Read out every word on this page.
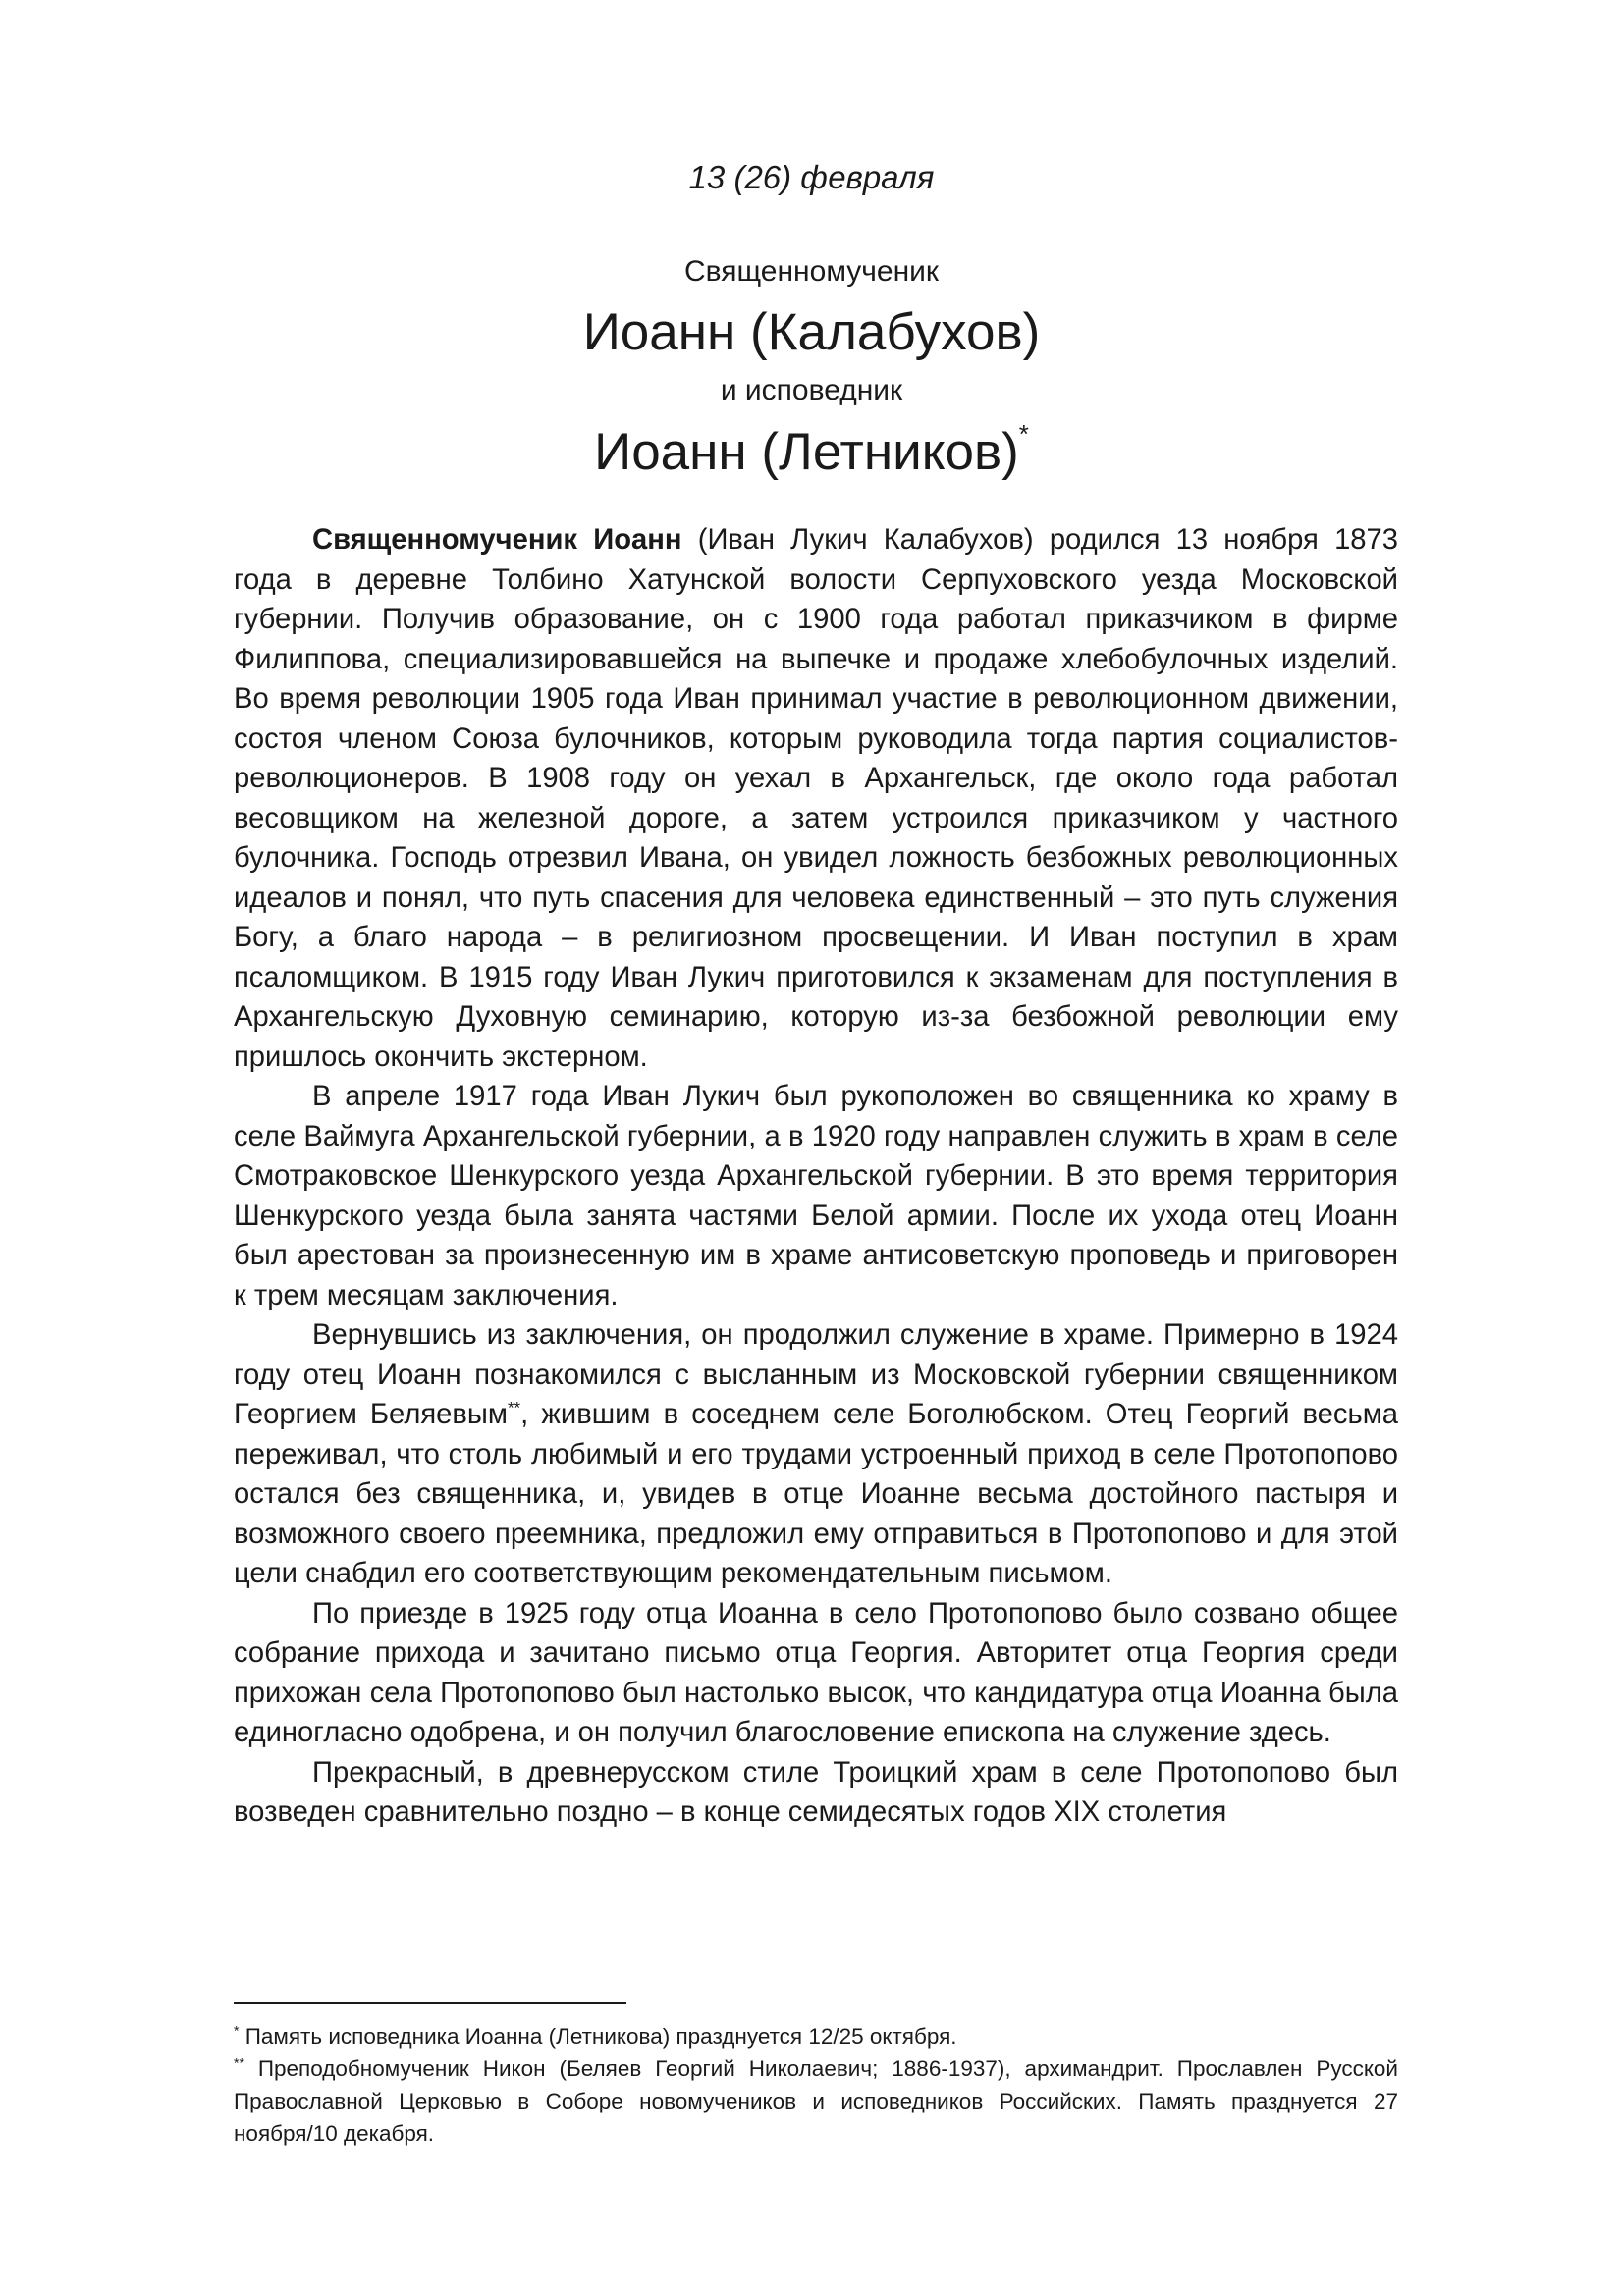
13 (26) февраля
Священномученик
Иоанн (Калабухов)
и исповедник
Иоанн (Летников)*

Священномученик Иоанн (Иван Лукич Калабухов) родился 13 ноября 1873 года в деревне Толбино Хатунской волости Серпуховского уезда Московской губернии. Получив образование, он с 1900 года работал приказчиком в фирме Филиппова, специализировавшейся на выпечке и продаже хлебобулочных изделий. Во время революции 1905 года Иван принимал участие в революционном движении, состоя членом Союза булочников, которым руководила тогда партия социалистов-революционеров. В 1908 году он уехал в Архангельск, где около года работал весовщиком на железной дороге, а затем устроился приказчиком у частного булочника. Господь отрезвил Ивана, он увидел ложность безбожных революционных идеалов и понял, что путь спасения для человека единственный – это путь служения Богу, а благо народа – в религиозном просвещении. И Иван поступил в храм псаломщиком. В 1915 году Иван Лукич приготовился к экзаменам для поступления в Архангельскую Духовную семинарию, которую из-за безбожной революции ему пришлось окончить экстерном.

В апреле 1917 года Иван Лукич был рукоположен во священника ко храму в селе Ваймуга Архангельской губернии, а в 1920 году направлен служить в храм в селе Смотраковское Шенкурского уезда Архангельской губернии. В это время территория Шенкурского уезда была занята частями Белой армии. После их ухода отец Иоанн был арестован за произнесенную им в храме антисоветскую проповедь и приговорен к трем месяцам заключения.

Вернувшись из заключения, он продолжил служение в храме. Примерно в 1924 году отец Иоанн познакомился с высланным из Московской губернии священником Георгием Беляевым**, жившим в соседнем селе Боголюбском. Отец Георгий весьма переживал, что столь любимый и его трудами устроенный приход в селе Протопопово остался без священника, и, увидев в отце Иоанне весьма достойного пастыря и возможного своего преемника, предложил ему отправиться в Протопопово и для этой цели снабдил его соответствующим рекомендательным письмом.

По приезде в 1925 году отца Иоанна в село Протопопово было созвано общее собрание прихода и зачитано письмо отца Георгия. Авторитет отца Георгия среди прихожан села Протопопово был настолько высок, что кандидатура отца Иоанна была единогласно одобрена, и он получил благословение епископа на служение здесь.

Прекрасный, в древнерусском стиле Троицкий храм в селе Протопопово был возведен сравнительно поздно – в конце семидесятых годов XIX столетия

* Память исповедника Иоанна (Летникова) празднуется 12/25 октября.

** Преподобномученик Никон (Беляев Георгий Николаевич; 1886-1937), архимандрит. Прославлен Русской Православной Церковью в Соборе новомучеников и исповедников Российских. Память празднуется 27 ноября/10 декабря.
